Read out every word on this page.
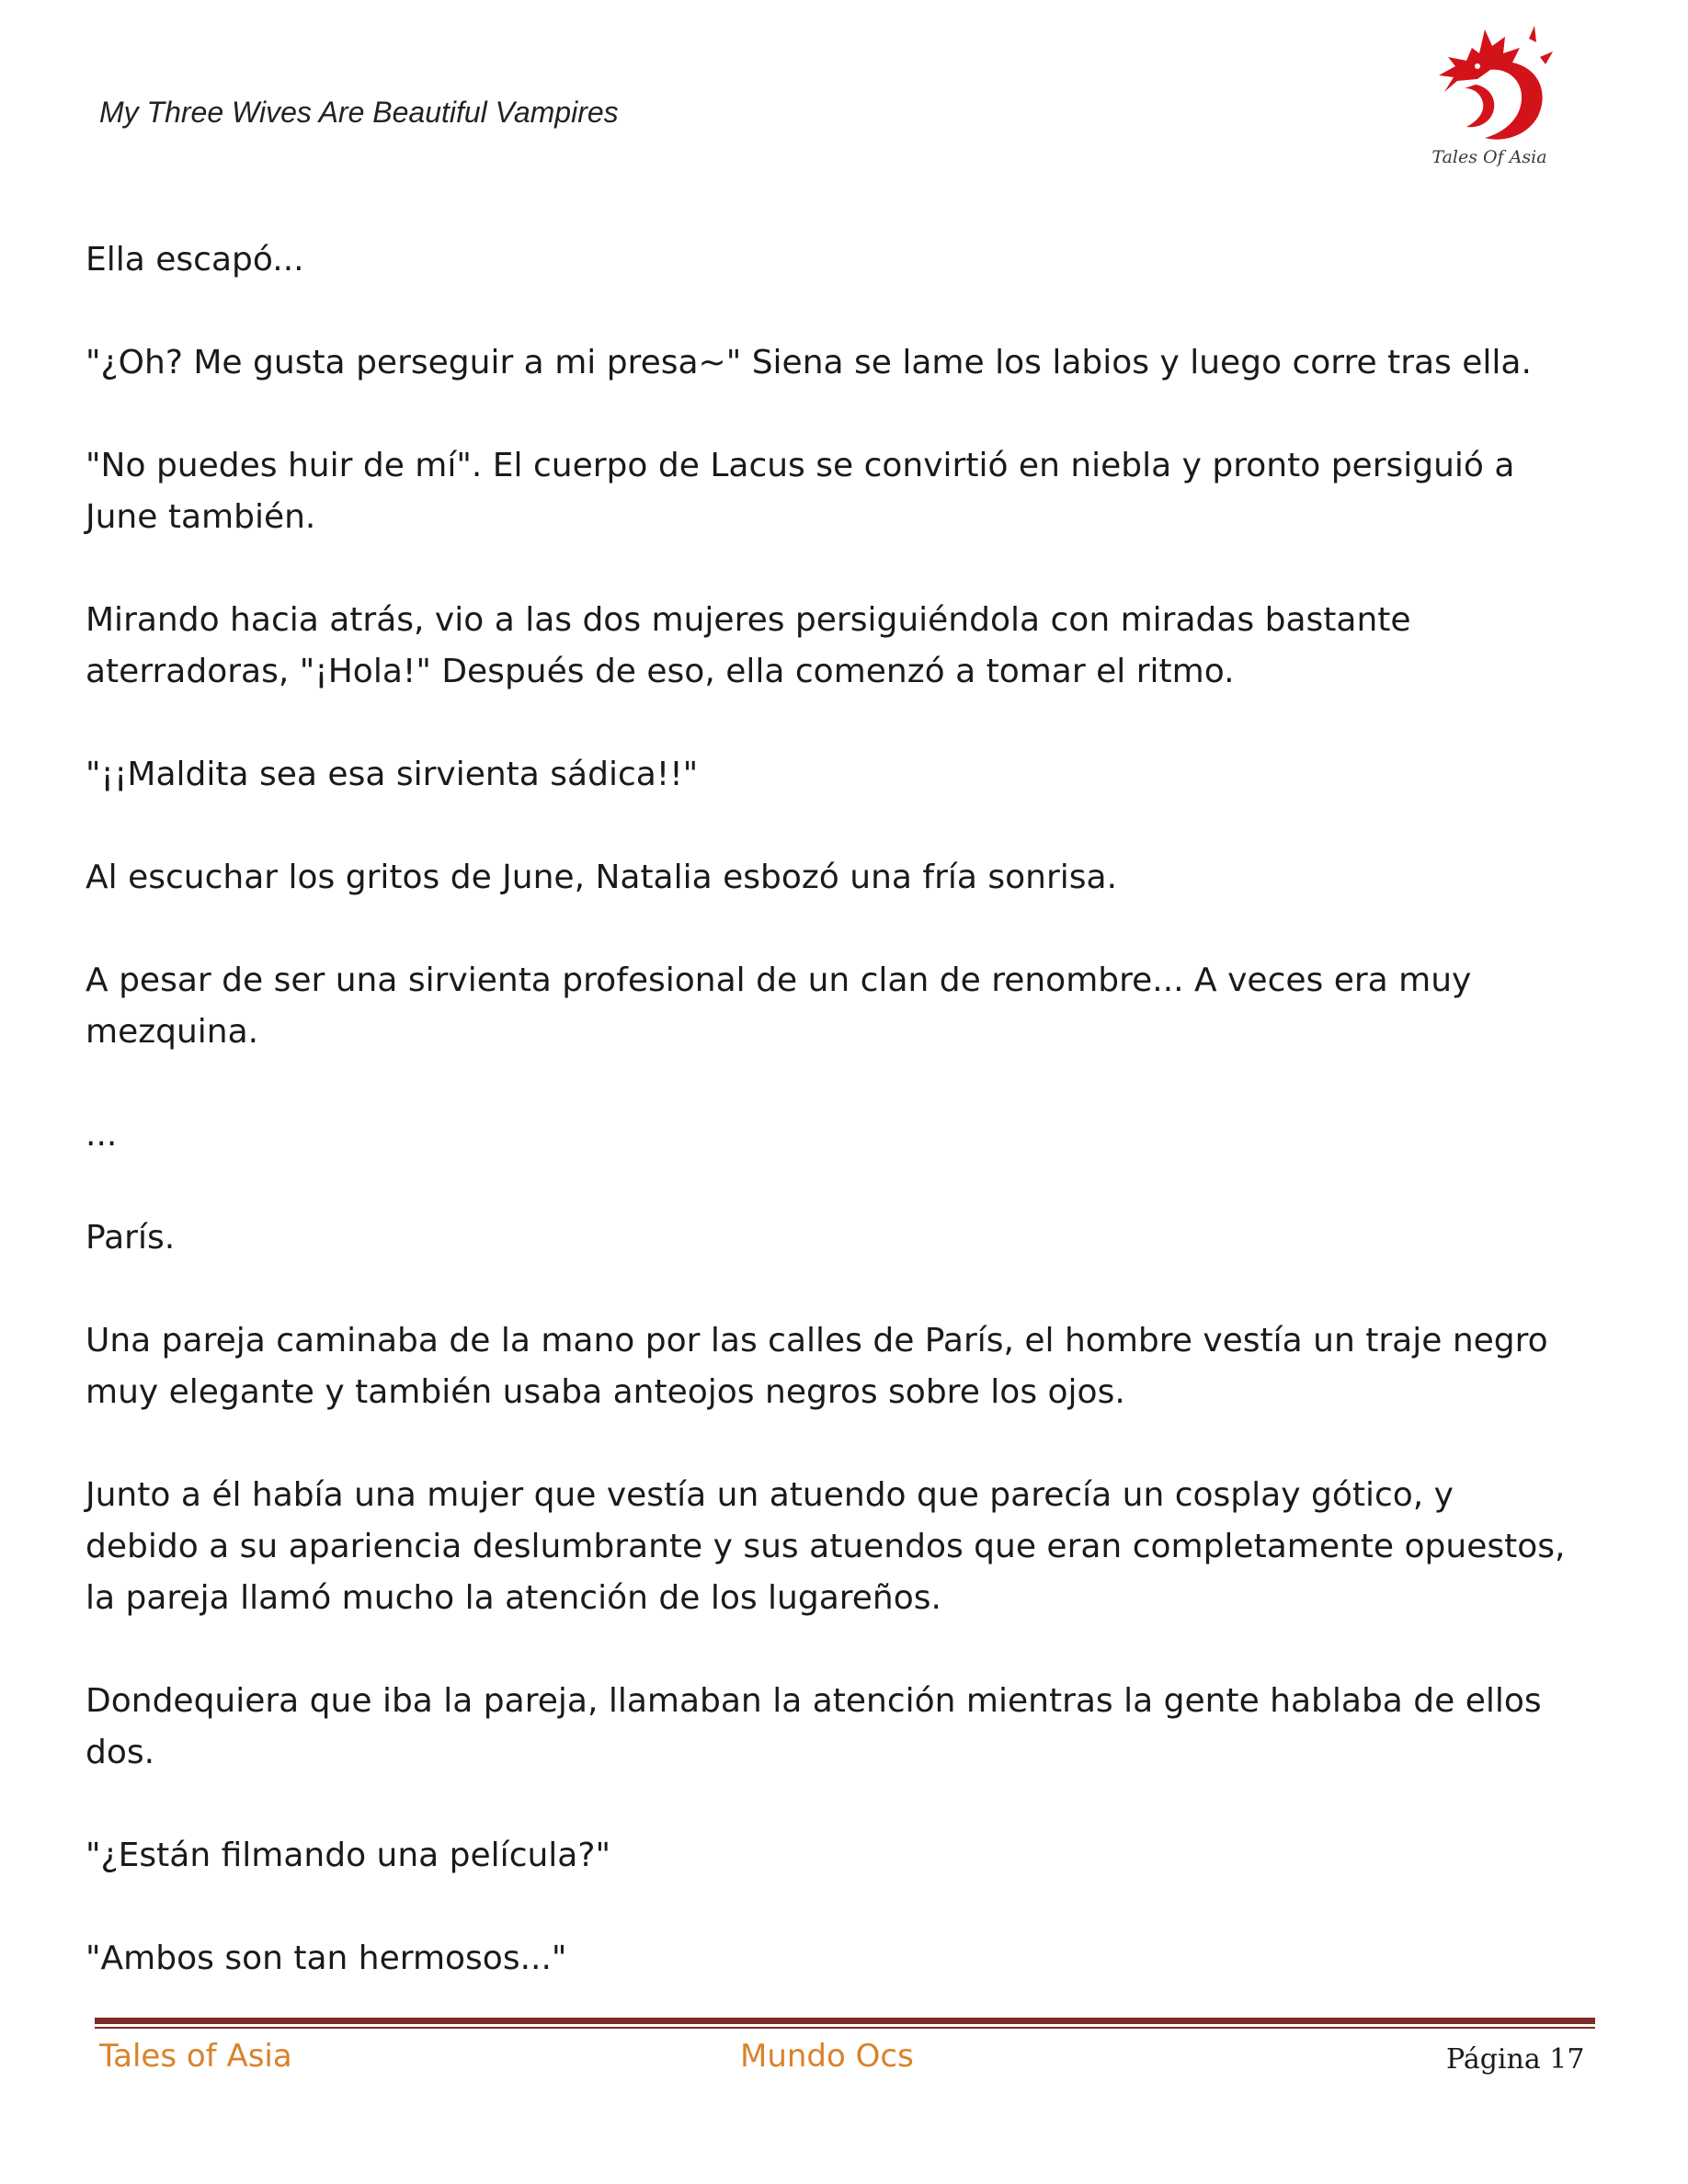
My Three Wives Are Beautiful Vampires
Tales Of Asia

Ella escapó...

"¿Oh? Me gusta perseguir a mi presa~" Siena se lame los labios y luego corre tras ella.

"No puedes huir de mí". El cuerpo de Lacus se convirtió en niebla y pronto persiguió a
June también.

Mirando hacia atrás, vio a las dos mujeres persiguiéndola con miradas bastante
aterradoras, "¡Hola!" Después de eso, ella comenzó a tomar el ritmo.

"¡¡Maldita sea esa sirvienta sádica!!"

Al escuchar los gritos de June, Natalia esbozó una fría sonrisa.

A pesar de ser una sirvienta profesional de un clan de renombre... A veces era muy
mezquina.

...

París.

Una pareja caminaba de la mano por las calles de París, el hombre vestía un traje negro
muy elegante y también usaba anteojos negros sobre los ojos.

Junto a él había una mujer que vestía un atuendo que parecía un cosplay gótico, y
debido a su apariencia deslumbrante y sus atuendos que eran completamente opuestos,
la pareja llamó mucho la atención de los lugareños.

Dondequiera que iba la pareja, llamaban la atención mientras la gente hablaba de ellos
dos.

"¿Están filmando una película?"

"Ambos son tan hermosos..."

Tales of Asia	Mundo Ocs	Página 17
